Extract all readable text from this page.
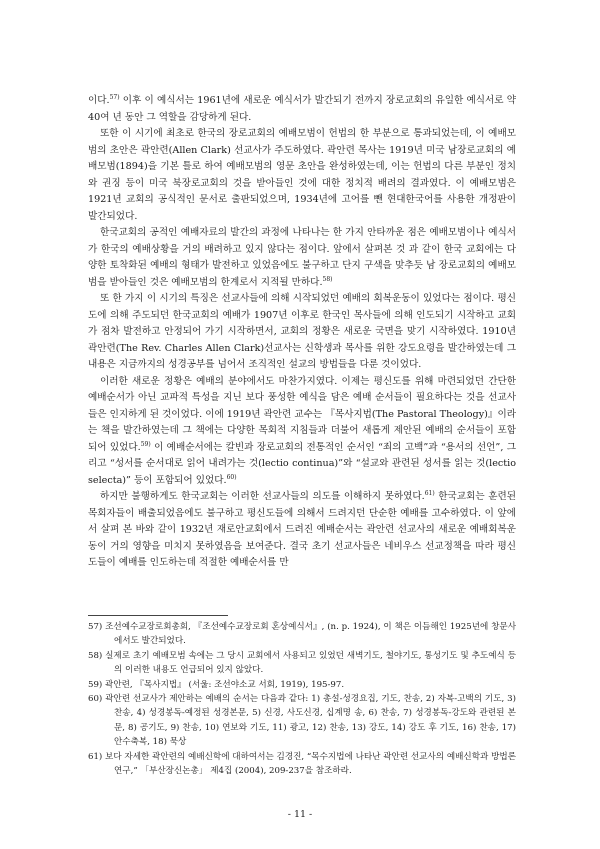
이다.$^{57)}$ 이후 이 예식서는 1961년에 새로운 예식서가 발간되기 전까지 장로교회의 유일한 예식서로 약 40여 년 동안 그 역할을 감당하게 된다.

또한 이 시기에 최초로 한국의 장로교회의 예배모범이 헌법의 한 부분으로 통과되었는데, 이 예배모범의 초안은 곽안련(Allen Clark) 선교사가 주도하였다. 곽안련 목사는 1919년 미국 남장로교회의 예배모범(1894)을 기본 틀로 하여 예배모범의 영문 초안을 완성하였는데, 이는 헌법의 다른 부분인 정치와 권징 등이 미국 북장로교회의 것을 받아들인 것에 대한 정치적 배려의 결과였다. 이 예배모범은 1921년 교회의 공식적인 문서로 출판되었으며, 1934년에 고어를 뺀 현대한국어를 사용한 개정판이 발간되었다.

한국교회의 공적인 예배자료의 발간의 과정에 나타나는 한 가지 안타까운 점은 예배모범이나 예식서가 한국의 예배상황을 거의 배려하고 있지 않다는 점이다. 앞에서 살펴본 것 과 같이 한국 교회에는 다양한 토착화된 예배의 형태가 발전하고 있었음에도 불구하고 단지 구색을 맞추듯 남 장로교회의 예배모범을 받아들인 것은 예배모범의 한계로서 지적될 만하다.$^{58)}$

또 한 가지 이 시기의 특징은 선교사들에 의해 시작되었던 예배의 회복운동이 있었다는 점이다. 평신도에 의해 주도되던 한국교회의 예배가 1907년 이후로 한국인 목사들에 의해 인도되기 시작하고 교회가 점차 발전하고 안정되어 가기 시작하면서, 교회의 정황은 새로운 국면을 맞기 시작하였다. 1910년 곽안련(The Rev. Charles Allen Clark)선교사는 신학생과 목사를 위한 강도요령을 발간하였는데 그 내용은 지금까지의 성경공부를 넘어서 조직적인 설교의 방법들을 다룬 것이었다.

이러한 새로운 정황은 예배의 분야에서도 마찬가지였다. 이제는 평신도를 위해 마련되었던 간단한 예배순서가 아닌 교파적 특성을 지닌 보다 풍성한 예식을 담은 예배 순서들이 필요하다는 것을 선교사들은 인지하게 된 것이었다. 이에 1919년 곽안련 교수는 『목사지법(The Pastoral Theology)』이라는 책을 발간하였는데 그 책에는 다양한 목회적 지침들과 더불어 새롭게 제안된 예배의 순서들이 포함되어 있었다.$^{59)}$ 이 예배순서에는 칼빈과 장로교회의 전통적인 순서인 “죄의 고백”과 “용서의 선언”, 그리고 “성서를 순서대로 읽어 내려가는 것(lectio continua)”와 “설교와 관련된 성서를 읽는 것(lectio selecta)” 등이 포함되어 있었다.$^{60)}$

하지만 불행하게도 한국교회는 이러한 선교사들의 의도를 이해하지 못하였다.$^{61)}$ 한국교회는 훈련된 목회자들이 배출되었음에도 불구하고 평신도들에 의해서 드려지던 단순한 예배를 고수하였다. 이 앞에서 살펴 본 바와 같이 1932년 재로안교회에서 드려진 예배순서는 곽안련 선교사의 새로운 예배회복운동이 거의 영향을 미치지 못하였음을 보여준다. 결국 초기 선교사들은 네비우스 선교정책을 따라 평신도들이 예배를 인도하는데 적절한 예배순서를 만

57) 조선예수교장로회총회, 『조선예수교장로회 혼상예식서』, (n. p. 1924), 이 책은 이듬해인 1925년에 창문사에서도 발간되었다.
58) 실제로 초기 예배모범 속에는 그 당시 교회에서 사용되고 있었던 새벽기도, 철야기도, 통성기도 및 추도예식 등의 이러한 내용도 언급되어 있지 않았다.
59) 곽안련, 『목사지법』 (서울: 조선야소교 서회, 1919), 195-97.
60) 곽안련 선교사가 제안하는 예배의 순서는 다음과 같다: 1) 총설-성경요집, 기도, 찬송, 2) 자복-고백의 기도, 3) 찬송, 4) 성경봉독-예정된 성경본문, 5) 신경, 사도신경, 십계명 송, 6) 찬송, 7) 성경봉독-강도와 관련된 본문, 8) 공기도, 9) 찬송, 10) 연보와 기도, 11) 광고, 12) 찬송, 13) 강도, 14) 강도 후 기도, 16) 찬송, 17) 안수축복, 18) 묵상
61) 보다 자세한 곽안련의 예배신학에 대하여서는 김경진, “목수지법에 나타난 곽안련 선교사의 예배신학과 방법론 연구,” 「부산장신논총」 제4집 (2004), 209-237을 참조하라.
- 11 -
